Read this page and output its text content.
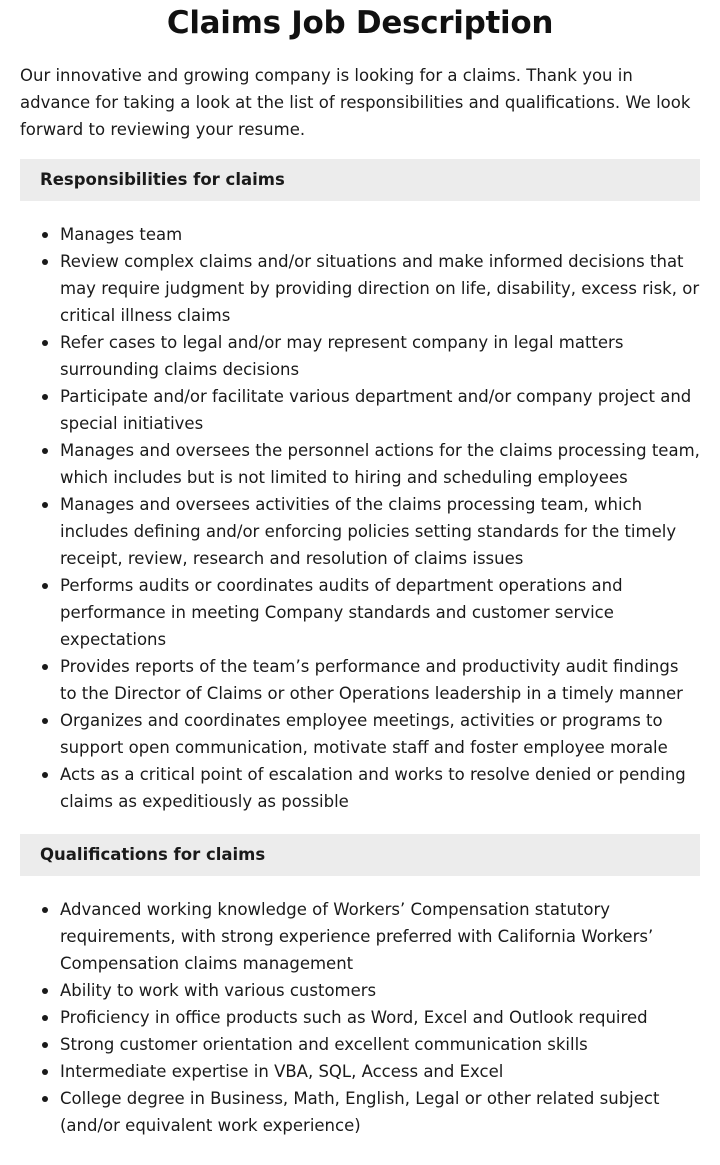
Claims Job Description

Our innovative and growing company is looking for a claims. Thank you in advance for taking a look at the list of responsibilities and qualifications. We look forward to reviewing your resume.

Responsibilities for claims
Manages team
Review complex claims and/or situations and make informed decisions that may require judgment by providing direction on life, disability, excess risk, or critical illness claims
Refer cases to legal and/or may represent company in legal matters surrounding claims decisions
Participate and/or facilitate various department and/or company project and special initiatives
Manages and oversees the personnel actions for the claims processing team, which includes but is not limited to hiring and scheduling employees
Manages and oversees activities of the claims processing team, which includes defining and/or enforcing policies setting standards for the timely receipt, review, research and resolution of claims issues
Performs audits or coordinates audits of department operations and performance in meeting Company standards and customer service expectations
Provides reports of the team’s performance and productivity audit findings to the Director of Claims or other Operations leadership in a timely manner
Organizes and coordinates employee meetings, activities or programs to support open communication, motivate staff and foster employee morale
Acts as a critical point of escalation and works to resolve denied or pending claims as expeditiously as possible
Qualifications for claims
Advanced working knowledge of Workers’ Compensation statutory requirements, with strong experience preferred with California Workers’ Compensation claims management
Ability to work with various customers
Proficiency in office products such as Word, Excel and Outlook required
Strong customer orientation and excellent communication skills
Intermediate expertise in VBA, SQL, Access and Excel
College degree in Business, Math, English, Legal or other related subject (and/or equivalent work experience)
